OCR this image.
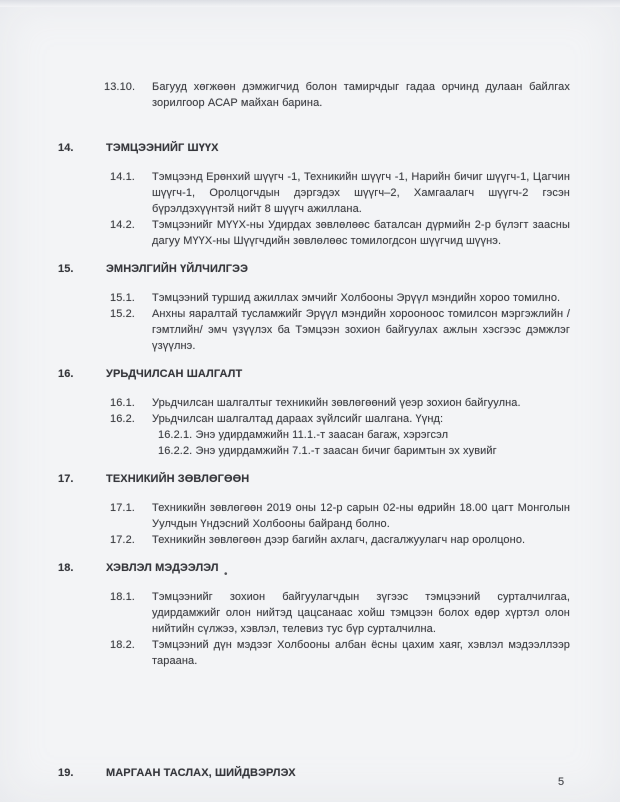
13.10.	Багууд хөгжөөн дэмжигчид болон тамирчдыг гадаа орчинд дулаан байлгах зорилгоор АСАР майхан барина.
14.	ТЭМЦЭЭНИЙГ ШҮҮХ
14.1.	Тэмцээнд Ерөнхий шүүгч -1, Техникийн шүүгч -1, Нарийн бичиг шүүгч-1, Цагчин шүүгч-1, Оролцогчдын дэргэдэх шүүгч–2, Хамгаалагч шүүгч-2 гэсэн бүрэлдэхүүнтэй нийт 8 шүүгч ажиллана.
14.2.	Тэмцээнийг МҮҮХ-ны Удирдах зөвлөлөөс баталсан дүрмийн 2-р бүлэгт заасны дагуу МҮҮХ-ны Шүүгчдийн зөвлөлөөс томилогдсон шүүгчид шүүнэ.
15.	ЭМНЭЛГИЙН ҮЙЛЧИЛГЭЭ
15.1.	Тэмцээний туршид ажиллах эмчийг Холбооны Эрүүл мэндийн хороо томилно.
15.2.	Анхны яаралтай тусламжийг Эрүүл мэндийн хорооноос томилсон мэргэжлийн /гэмтлийн/ эмч үзүүлэх ба Тэмцээн зохион байгуулах ажлын хэсгээс дэмжлэг үзүүлнэ.
16.	УРЬДЧИЛСАН ШАЛГАЛТ
16.1.	Урьдчилсан шалгалтыг техникийн зөвлөгөөний үеэр зохион байгуулна.
16.2.	Урьдчилсан шалгалтад дараах зүйлсийг шалгана. Үүнд:
16.2.1. Энэ удирдамжийн 11.1.-т заасан багаж, хэрэгсэл
16.2.2. Энэ удирдамжийн 7.1.-т заасан бичиг баримтын эх хувийг
17.	ТЕХНИКИЙН ЗӨВЛӨГӨӨН
17.1.	Техникийн зөвлөгөөн 2019 оны 12-р сарын 02-ны өдрийн 18.00 цагт Монголын Уулчдын Үндэсний Холбооны байранд болно.
17.2.	Техникийн зөвлөгөөн дээр багийн ахлагч, дасгалжуулагч нар оролцоно.
18.	ХЭВЛЭЛ МЭДЭЭЛЭЛ
18.1.	Тэмцээнийг зохион байгуулагчдын зүгээс тэмцээний сурталчилгаа, удирдамжийг олон нийтэд цацсанаас хойш тэмцээн болох өдөр хүртэл олон нийтийн сүлжээ, хэвлэл, телевиз тус бүр сурталчилна.
18.2.	Тэмцээний дүн мэдээг Холбооны албан ёсны цахим хаяг, хэвлэл мэдээллээр тараана.
19.	МАРГААН ТАСЛАХ, ШИЙДВЭРЛЭХ
•
5
